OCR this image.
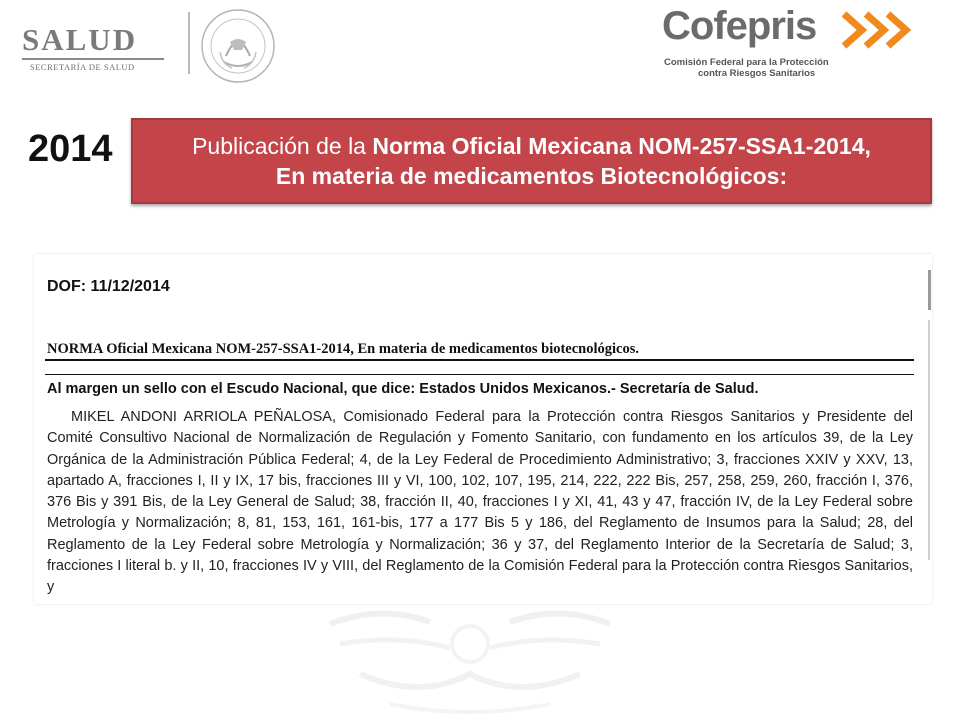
SALUD
SECRETARÍA DE SALUD
Cofepris
Comisión Federal para la Protección
contra Riesgos Sanitarios
2014	Publicación de la Norma Oficial Mexicana NOM-257-SSA1-2014,
En materia de medicamentos Biotecnológicos:
DOF: 11/12/2014
NORMA Oficial Mexicana NOM-257-SSA1-2014, En materia de medicamentos biotecnológicos.
Al margen un sello con el Escudo Nacional, que dice: Estados Unidos Mexicanos.- Secretaría de Salud.
MIKEL ANDONI ARRIOLA PEÑALOSA, Comisionado Federal para la Protección contra Riesgos Sanitarios y Presidente del Comité Consultivo Nacional de Normalización de Regulación y Fomento Sanitario, con fundamento en los artículos 39, de la Ley Orgánica de la Administración Pública Federal; 4, de la Ley Federal de Procedimiento Administrativo; 3, fracciones XXIV y XXV, 13, apartado A, fracciones I, II y IX, 17 bis, fracciones III y VI, 100, 102, 107, 195, 214, 222, 222 Bis, 257, 258, 259, 260, fracción I, 376, 376 Bis y 391 Bis, de la Ley General de Salud; 38, fracción II, 40, fracciones I y XI, 41, 43 y 47, fracción IV, de la Ley Federal sobre Metrología y Normalización; 8, 81, 153, 161, 161-bis, 177 a 177 Bis 5 y 186, del Reglamento de Insumos para la Salud; 28, del Reglamento de la Ley Federal sobre Metrología y Normalización; 36 y 37, del Reglamento Interior de la Secretaría de Salud; 3, fracciones I literal b. y II, 10, fracciones IV y VIII, del Reglamento de la Comisión Federal para la Protección contra Riesgos Sanitarios, y
